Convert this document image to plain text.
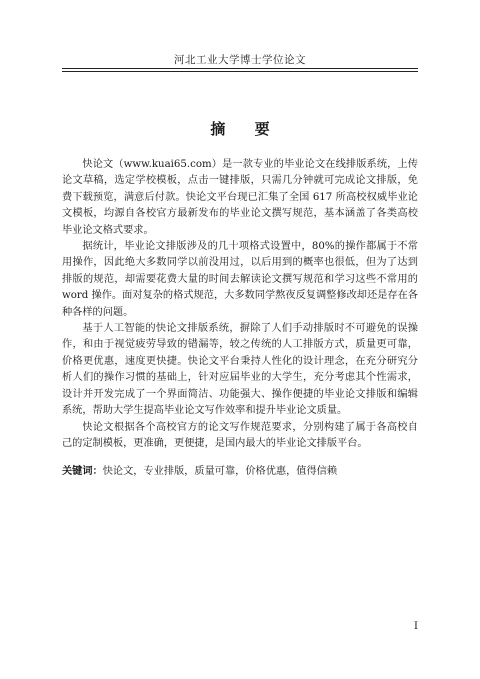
河北工业大学博士学位论文
摘 要

快论文（www.kuai65.com）是一款专业的毕业论文在线排版系统，上传论文草稿，选定学校模板，点击一键排版，只需几分钟就可完成论文排版，免费下载预览，满意后付款。快论文平台现已汇集了全国 617 所高校权威毕业论文模板，均源自各校官方最新发布的毕业论文撰写规范，基本涵盖了各类高校毕业论文格式要求。

据统计，毕业论文排版涉及的几十项格式设置中，80%的操作都属于不常用操作，因此绝大多数同学以前没用过，以后用到的概率也很低，但为了达到排版的规范，却需要花费大量的时间去解读论文撰写规范和学习这些不常用的 word 操作。面对复杂的格式规范，大多数同学熬夜反复调整修改却还是存在各种各样的问题。

基于人工智能的快论文排版系统，摒除了人们手动排版时不可避免的误操作，和由于视觉疲劳导致的错漏等，较之传统的人工排版方式，质量更可靠，价格更优惠，速度更快捷。快论文平台秉持人性化的设计理念，在充分研究分析人们的操作习惯的基础上，针对应届毕业的大学生，充分考虑其个性需求，设计并开发完成了一个界面简洁、功能强大、操作便捷的毕业论文排版和编辑系统，帮助大学生提高毕业论文写作效率和提升毕业论文质量。

快论文根据各个高校官方的论文写作规范要求，分别构建了属于各高校自己的定制模板，更准确，更便捷，是国内最大的毕业论文排版平台。

关键词：快论文，专业排版，质量可靠，价格优惠，值得信赖
I
